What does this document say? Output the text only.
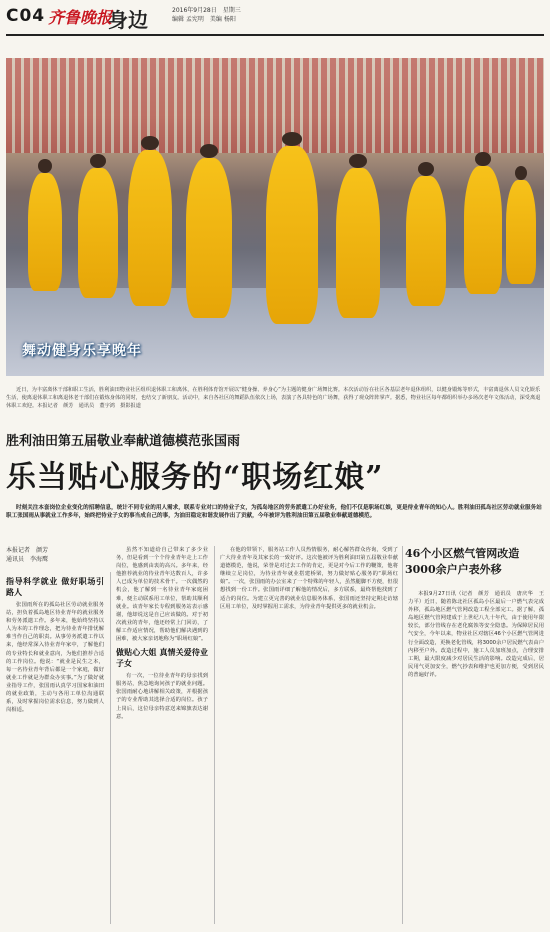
C04 齐鲁晚报
身边	2016年9月28日　星期三
编辑 孟宪明　美编 杨阳
舞动健身乐享晚年
近日，为丰富离休干部和职工生活，胜利油田物业社区组织退休职工和离休，在胜利体育馆开展以“健身操、养身心”为主题的健身广场舞比赛。本次活动旨在社区各基层老年退休组织，以健身锻炼等形式，丰富离退休人员文化娱乐生活，使离退休职工和离退休老干部们在锻炼身体的同时，也结交了新朋友。活动中，来自各社区的舞蹈队伍依次上场，表演了各具特色的广场舞，获得了观众阵阵掌声。据悉，物业社区每年都组织举办多场次老年文体活动，深受离退休职工欢迎。本报记者　颜芳　通讯员　董宇鸿　摄影报道
胜利油田第五届敬业奉献道德模范张国雨
乐当贴心服务的“职场红娘”
时刻关注本套岗位企业变化的招聘信息，统计不同专业的用人需求，联系专业对口的待业子女，为孤岛地区的劳务派遣工办好业务，他们不仅是职场红娘，更是待业青年的知心人。胜利油田孤岛社区劳动就业服务站职工张国雨从事就业工作多年，始终把待业子女的事当成自己的事，为油田稳定和谐发展作出了贡献，今年被评为胜利油田第五届敬业奉献道德模范。
本报记者　颜芳
通讯员　李海鹰	46个小区燃气管网改造 3000余户户表外移
指导科学就业 做好职场引路人

张国雨所在的孤岛社区劳动就业服务站，担负着孤岛地区待业青年的就业服务和劳务派遣工作。多年来，他始终坚持以人为本的工作理念，把为待业青年排忧解难当作自己的职责。从事劳务派遣工作以来，他经常深入待业青年家中，了解他们的专业特长和就业意向，为他们推荐合适的工作岗位。他说：“就业是民生之本，每一名待业青年背后都是一个家庭，做好就业工作就是为群众办实事。”为了做好就业指导工作，张国雨认真学习国家和油田的就业政策，主动与各用工单位沟通联系，及时掌握岗位需求信息，努力做到人岗相适。

虽然不知道给自己带来了多少业务，但是看到一个个待业青年走上工作岗位，他感到由衷的高兴。多年来，经他推荐就业的待业青年达数百人，许多人已成为单位的技术骨干。一次偶然的机会，他了解到一名待业青年家庭困难，便主动联系用工单位，帮助其顺利就业。该青年家长专程到服务站表示感谢，他却说这是自己应该做的。对于初次就业的青年，他还经常上门回访，了解工作适应情况，帮助他们解决遇到的困难，被大家亲切地称为“职场红娘”。

做贴心大姐 真情关爱待业子女

有一次，一位待业青年的母亲找到服务站，焦急地询问孩子的就业问题。张国雨耐心地讲解相关政策，并根据孩子的专业帮助其选择合适的岗位。孩子上岗后，这位母亲特意送来锦旗表达谢意。

在他的带领下，服务站工作人员热情服务，耐心解答群众咨询，受到了广大待业青年及其家长的一致好评。这次他被评为胜利油田第五届敬业奉献道德模范，他说，荣誉是对过去工作的肯定，更是对今后工作的鞭策，他将继续立足岗位，为待业青年就业搭建桥梁，努力做好贴心服务的“职场红娘”。一次，张国雨的办公室来了一个特殊的年轻人，虽然腿脚不方便，但很想找到一份工作。张国雨详细了解他的情况后，多方联系，最终帮他找到了适合的岗位。为建立更完善的就业信息服务体系，张国雨还坚持定期走访辖区用工单位，及时掌握用工需求，为待业青年提供更多的就业机会。

本报9月27日讯（记者　颜芳　通讯员　唐庆华　王力平）近日，随着陈北社区孤岛小区最后一户燃气表完成外移，孤岛地区燃气管网改造工程全部完工。据了解，孤岛地区燃气管网建成于上世纪八九十年代，由于使用年限较长，部分管线存在老化腐蚀等安全隐患。为保障居民用气安全，今年以来，物业社区对辖区46个小区燃气管网进行全面改造，更换老化管线，将3000余户居民燃气表由户内移至户外。改造过程中，施工人员加班加点，合理安排工期，最大限度减少对居民生活的影响。改造完成后，居民用气更加安全，燃气抄表和维护也更加方便，受到居民的普遍好评。
